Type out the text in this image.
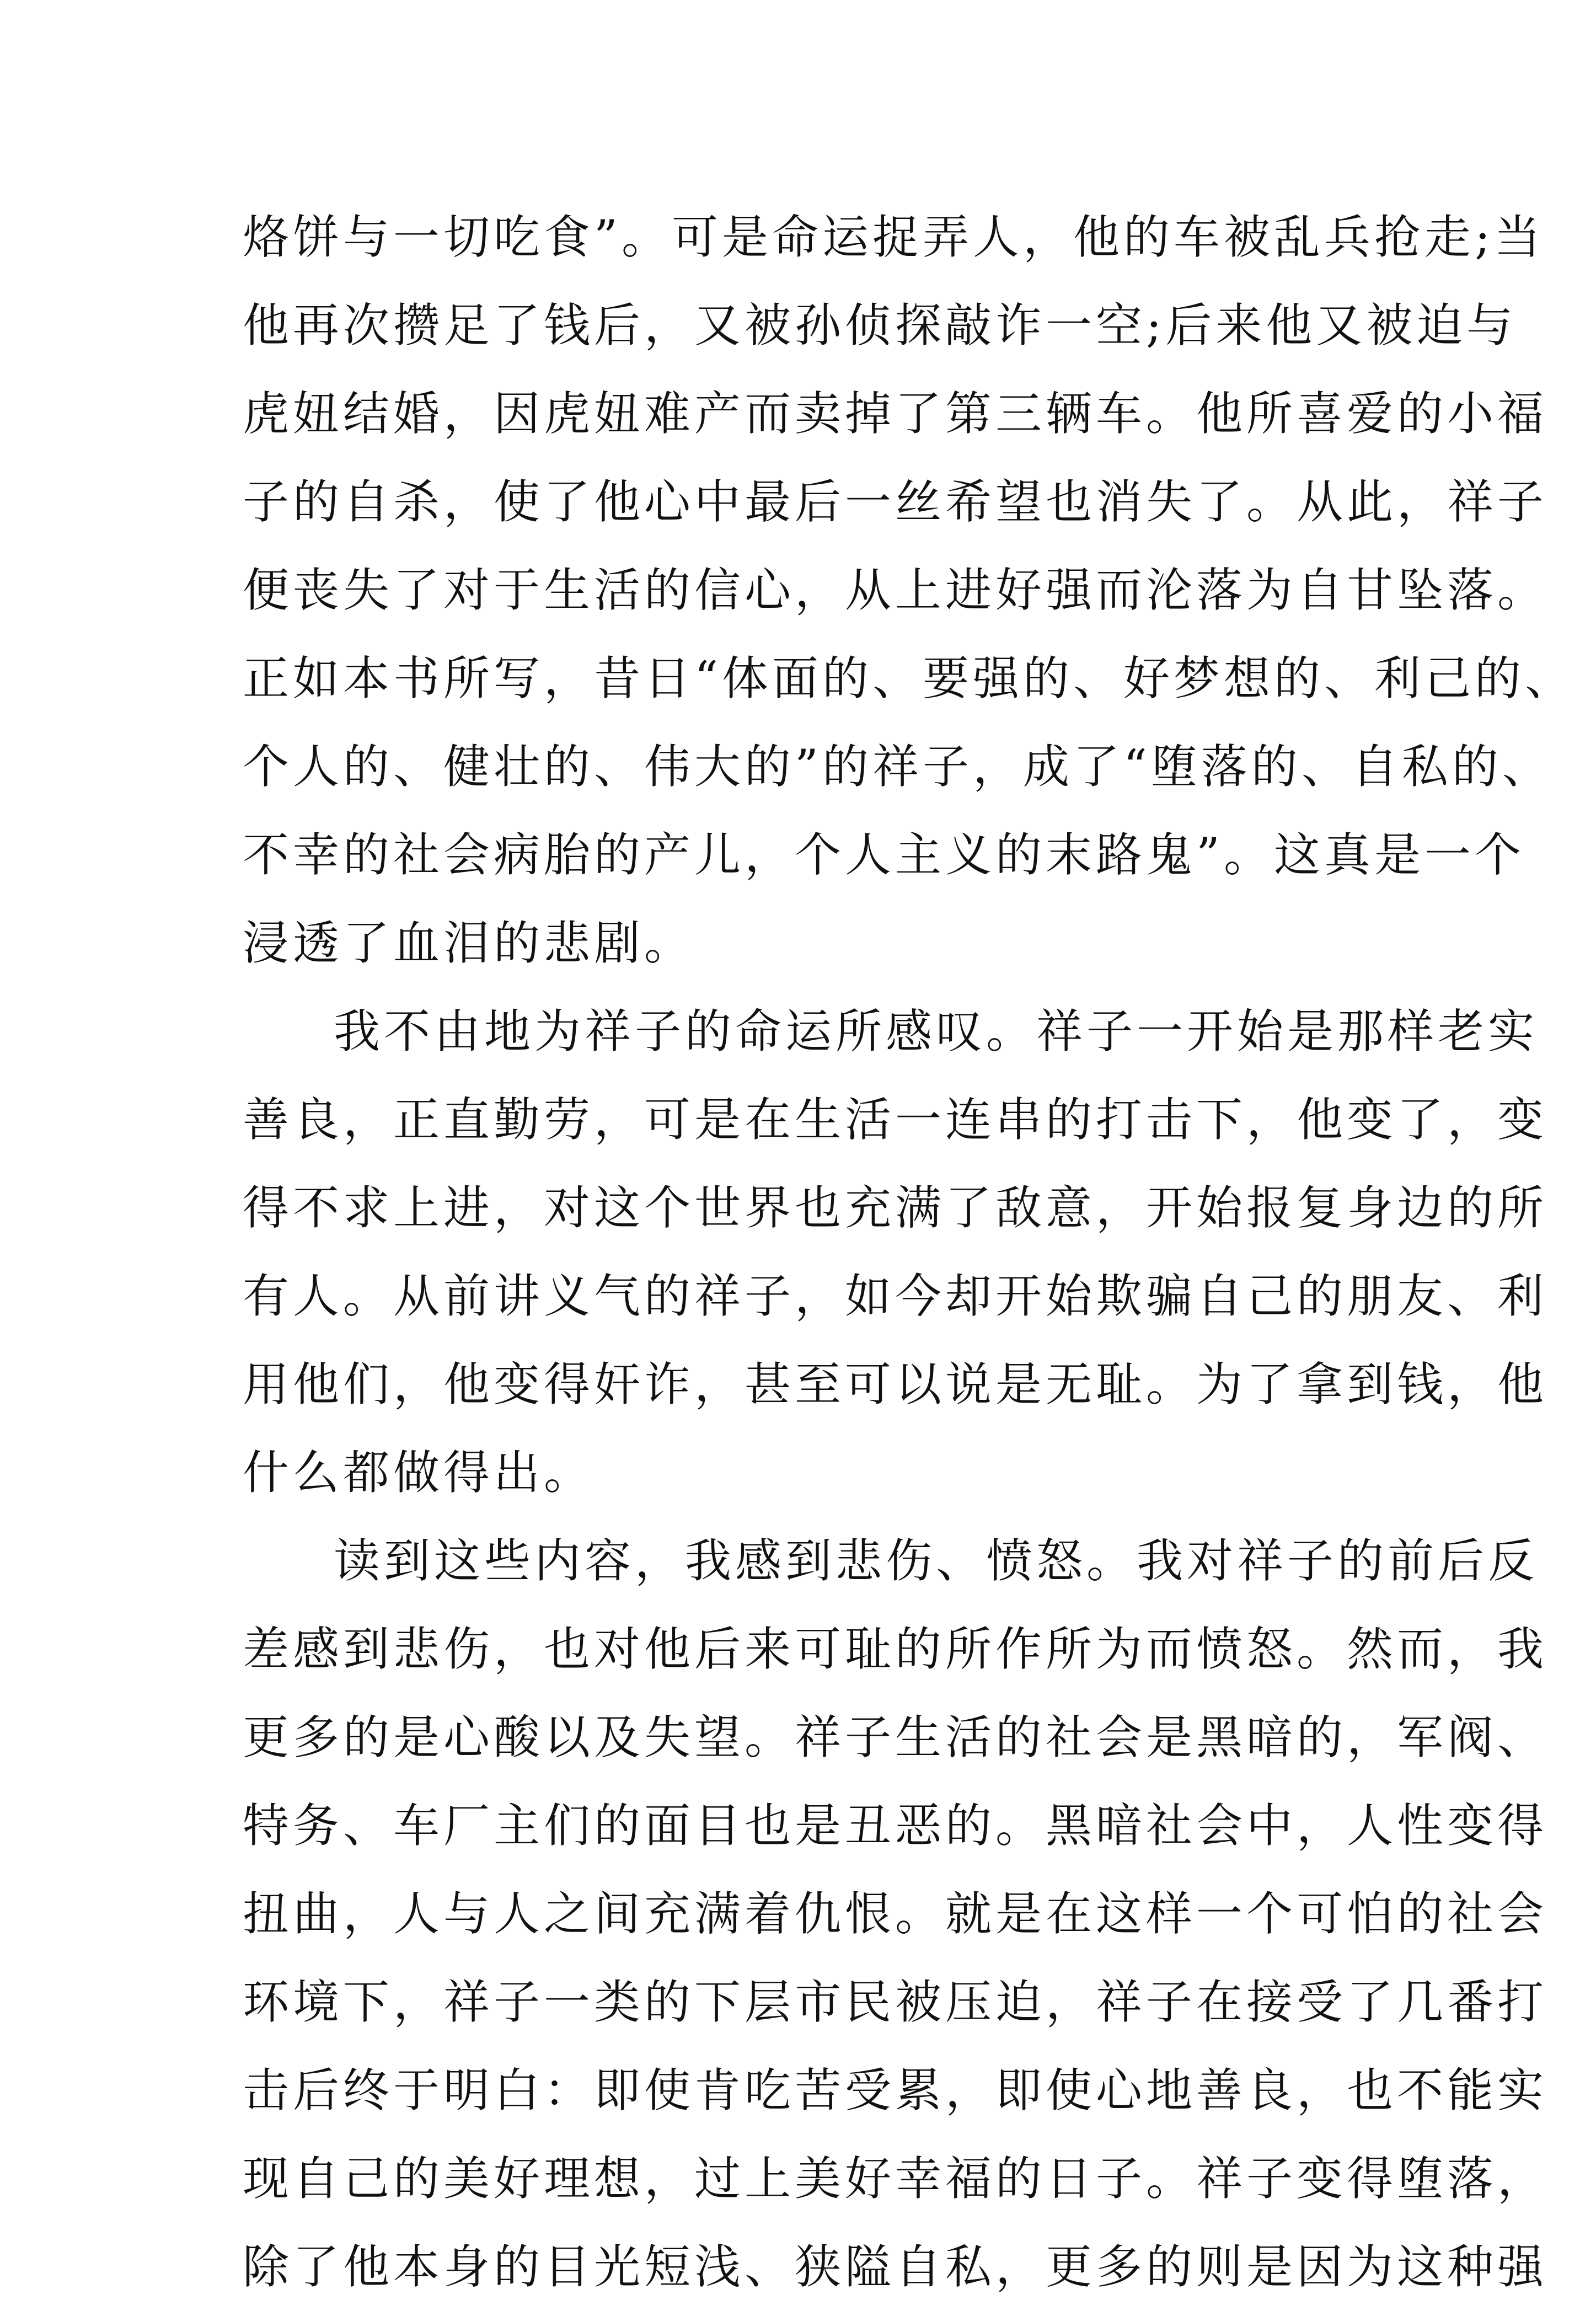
烙饼与一切吃食”。可是命运捉弄人，他的车被乱兵抢走;当
他再次攒足了钱后，又被孙侦探敲诈一空;后来他又被迫与
虎妞结婚，因虎妞难产而卖掉了第三辆车。他所喜爱的小福
子的自杀，使了他心中最后一丝希望也消失了。从此，祥子
便丧失了对于生活的信心，从上进好强而沦落为自甘坠落。
正如本书所写，昔日“体面的、要强的、好梦想的、利己的、
个人的、健壮的、伟大的”的祥子，成了“堕落的、自私的、
不幸的社会病胎的产儿，个人主义的末路鬼”。这真是一个
浸透了血泪的悲剧。
我不由地为祥子的命运所感叹。祥子一开始是那样老实
善良，正直勤劳，可是在生活一连串的打击下，他变了，变
得不求上进，对这个世界也充满了敌意，开始报复身边的所
有人。从前讲义气的祥子，如今却开始欺骗自己的朋友、利
用他们，他变得奸诈，甚至可以说是无耻。为了拿到钱，他
什么都做得出。
读到这些内容，我感到悲伤、愤怒。我对祥子的前后反
差感到悲伤，也对他后来可耻的所作所为而愤怒。然而，我
更多的是心酸以及失望。祥子生活的社会是黑暗的，军阀、
特务、车厂主们的面目也是丑恶的。黑暗社会中，人性变得
扭曲，人与人之间充满着仇恨。就是在这样一个可怕的社会
环境下，祥子一类的下层市民被压迫，祥子在接受了几番打
击后终于明白：即使肯吃苦受累，即使心地善良，也不能实
现自己的美好理想，过上美好幸福的日子。祥子变得堕落，
除了他本身的目光短浅、狭隘自私，更多的则是因为这种强
